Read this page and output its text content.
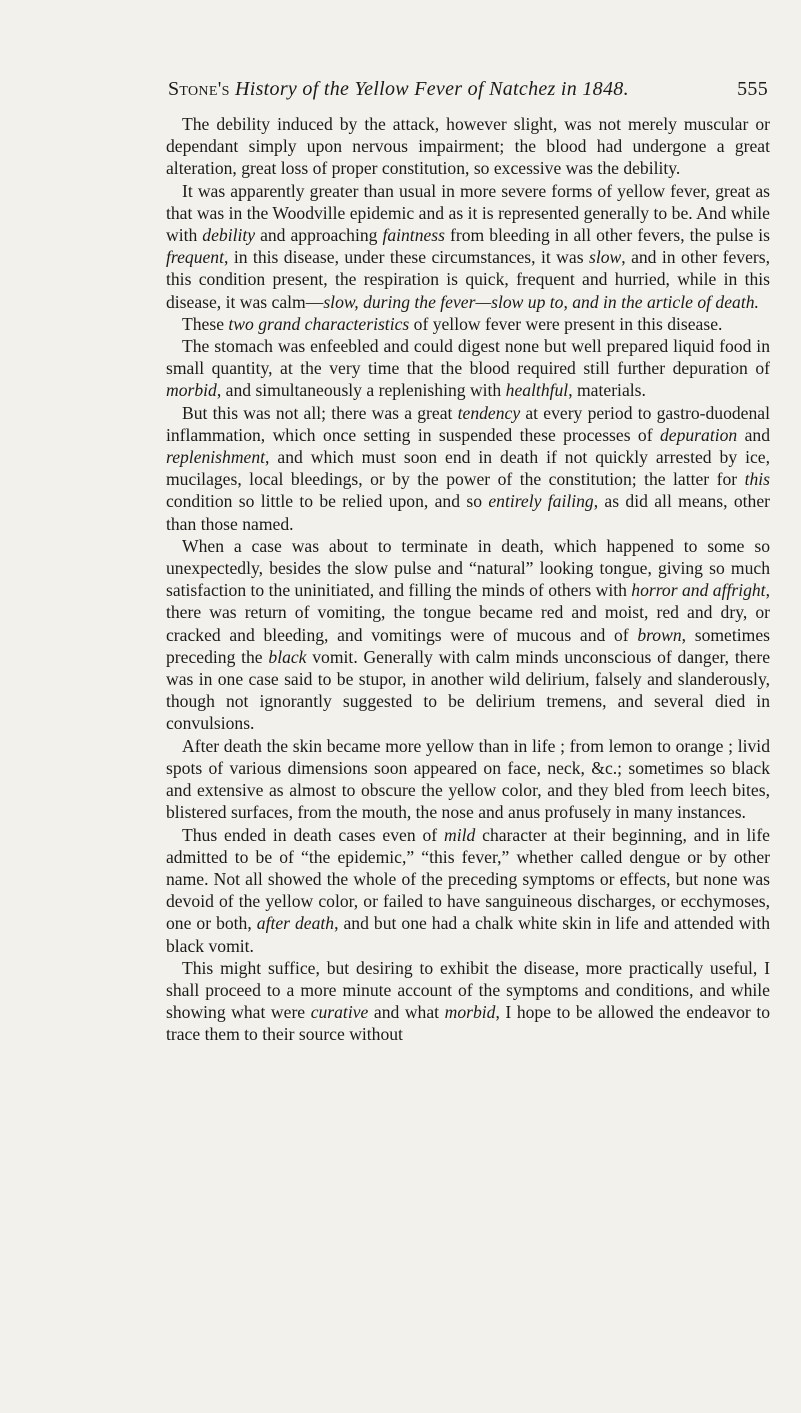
Stone's History of the Yellow Fever of Natchez in 1848.	555

The debility induced by the attack, however slight, was not merely muscular or dependant simply upon nervous impairment; the blood had undergone a great alteration, great loss of proper constitution, so excessive was the debility.

It was apparently greater than usual in more severe forms of yellow fever, great as that was in the Woodville epidemic and as it is represented generally to be. And while with debility and approaching faintness from bleeding in all other fevers, the pulse is frequent, in this disease, under these circumstances, it was slow, and in other fevers, this condition present, the respiration is quick, frequent and hurried, while in this disease, it was calm—slow, during the fever—slow up to, and in the article of death.

These two grand characteristics of yellow fever were present in this disease.

The stomach was enfeebled and could digest none but well prepared liquid food in small quantity, at the very time that the blood required still further depuration of morbid, and simultaneously a replenishing with healthful, materials.

But this was not all; there was a great tendency at every period to gastro-duodenal inflammation, which once setting in suspended these processes of depuration and replenishment, and which must soon end in death if not quickly arrested by ice, mucilages, local bleedings, or by the power of the constitution; the latter for this condition so little to be relied upon, and so entirely failing, as did all means, other than those named.

When a case was about to terminate in death, which happened to some so unexpectedly, besides the slow pulse and “natural” looking tongue, giving so much satisfaction to the uninitiated, and filling the minds of others with horror and affright, there was return of vomiting, the tongue became red and moist, red and dry, or cracked and bleeding, and vomitings were of mucous and of brown, sometimes preceding the black vomit. Generally with calm minds unconscious of danger, there was in one case said to be stupor, in another wild delirium, falsely and slanderously, though not ignorantly suggested to be delirium tremens, and several died in convulsions.

After death the skin became more yellow than in life ; from lemon to orange ; livid spots of various dimensions soon appeared on face, neck, &c.; sometimes so black and extensive as almost to obscure the yellow color, and they bled from leech bites, blistered surfaces, from the mouth, the nose and anus profusely in many instances.

Thus ended in death cases even of mild character at their beginning, and in life admitted to be of “the epidemic,” “this fever,” whether called dengue or by other name. Not all showed the whole of the preceding symptoms or effects, but none was devoid of the yellow color, or failed to have sanguineous discharges, or ecchymoses, one or both, after death, and but one had a chalk white skin in life and attended with black vomit.

This might suffice, but desiring to exhibit the disease, more practically useful, I shall proceed to a more minute account of the symptoms and conditions, and while showing what were curative and what morbid, I hope to be allowed the endeavor to trace them to their source without
